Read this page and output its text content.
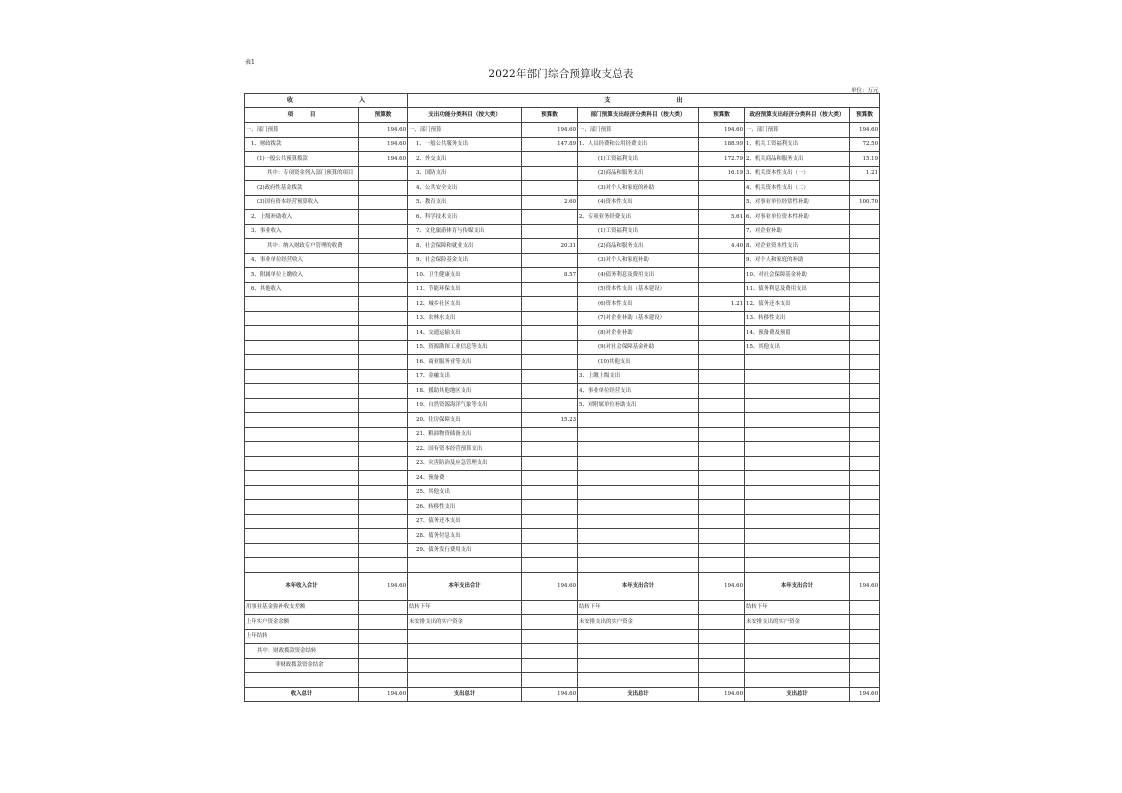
表1
2022年部门综合预算收支总表
单位：万元
收　　　　　　　　　　　入		支　　　　　　　　　　　出					
项　　　目	预算数	支出功能分类科目（按大类）	预算数	部门预算支出经济分类科目（按大类）	预算数	政府预算支出经济分类科目（按大类）	预算数
一、部门预算	194.60	一、部门预算	194.60	一、部门预算	194.60	一、部门预算	194.60
1、财政拨款	194.60	1、一般公共服务支出	147.89	1、人员经费和公用经费支出	188.99	1、机关工资福利支出	72.50
(1)一般公共预算拨款	194.60	2、外交支出		(1)工资福利支出	172.79	2、机关商品和服务支出	15.19
其中：专项资金列入部门预算的项目		3、国防支出		(2)商品和服务支出	16.19	3、机关资本性支出（一）	1.21
(2)政府性基金拨款		4、公共安全支出		(3)对个人和家庭的补助		4、机关资本性支出（二）	
(3)国有资本经营预算收入		5、教育支出	2.60	(4)资本性支出		5、对事业单位经常性补助	100.70
2、上级补助收入		6、科学技术支出		2、专项业务经费支出	5.61	6、对事业单位资本性补助	
3、事业收入		7、文化旅游体育与传媒支出		(1)工资福利支出		7、对企业补助	
其中：纳入财政专户管理的收费		8、社会保障和就业支出	20.31	(2)商品和服务支出	4.40	8、对企业资本性支出	
4、事业单位经营收入		9、社会保险基金支出		(3)对个人和家庭补助		9、对个人和家庭的补助	
5、附属单位上缴收入		10、卫生健康支出	8.57	(4)债务利息及费用支出		10、对社会保障基金补助	
6、其他收入		11、节能环保支出		(5)资本性支出（基本建设）		11、债务利息及费用支出	
		12、城乡社区支出		(6)资本性支出	1.21	12、债务还本支出	
		13、农林水支出		(7)对企业补助（基本建设）		13、转移性支出	
		14、交通运输支出		(8)对企业补助		14、预备费及预留	
		15、资源勘探工业信息等支出		(9)对社会保障基金补助		15、其他支出	
		16、商业服务业等支出		(10)其他支出			
		17、金融支出		3、上缴上级支出			
		18、援助其他地区支出		4、事业单位经营支出			
		19、自然资源海洋气象等支出		5、对附属单位补助支出			
		20、住房保障支出	15.23				
		21、粮油物资储备支出					
		22、国有资本经营预算支出					
		23、灾害防治及应急管理支出					
		24、预备费					
		25、其他支出					
		26、转移性支出					
		27、债务还本支出					
		28、债务付息支出					
		29、债务发行费用支出					

本年收入合计	194.60	本年支出合计	194.60	本年支出合计	194.60	本年支出合计	194.60
用事业基金弥补收支差额		结转下年		结转下年		结转下年	
上年实户资金余额		未安排支出的实户资金		未安排支出的实户资金		未安排支出的实户资金	
上年结转							
其中：财政拨款资金结转							
非财政拨款资金结余							

收入总计	194.60	支出总计	194.60	支出总计	194.60	支出总计	194.60
